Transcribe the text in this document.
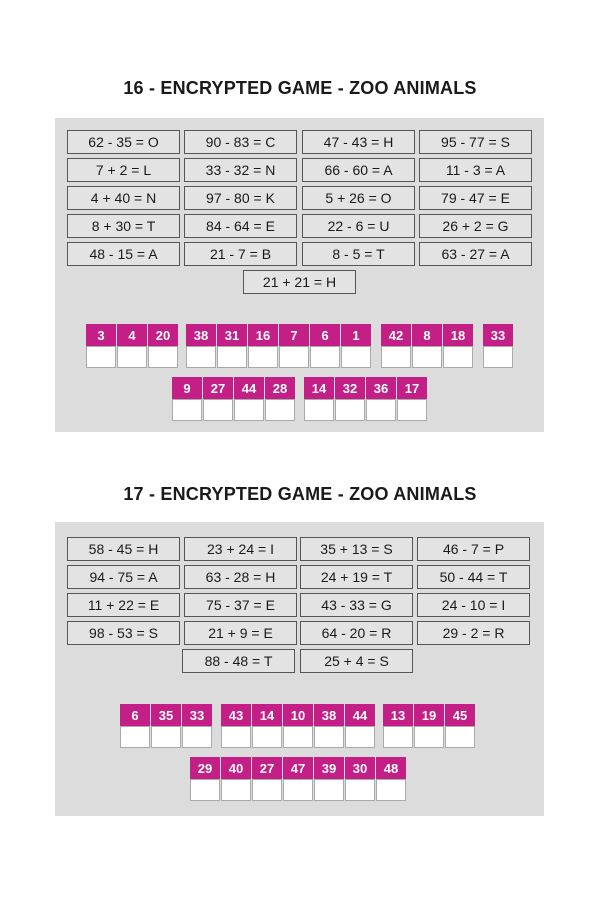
16 - ENCRYPTED GAME - ZOO ANIMALS
62 - 35 = O	90 - 83 = C	47 - 43 = H	95 - 77 = S
7 + 2 = L	33 - 32 = N	66 - 60 = A	11 - 3 = A
4 + 40 = N	97 - 80 = K	5 + 26 = O	79 - 47 = E
8 + 30 = T	84 - 64 = E	22 - 6 = U	26 + 2 = G
48 - 15 = A	21 - 7 = B	8 - 5 = T	63 - 27 = A
21 + 21 = H
3	4	20	38	31	16	7	6	1	42	8	18	33
9	27	44	28	14	32	36	17
17 - ENCRYPTED GAME - ZOO ANIMALS
58 - 45 = H	23 + 24 = I	35 + 13 = S	46 - 7 = P
94 - 75 = A	63 - 28 = H	24 + 19 = T	50 - 44 = T
11 + 22 = E	75 - 37 = E	43 - 33 = G	24 - 10 = I
98 - 53 = S	21 + 9 = E	64 - 20 = R	29 - 2 = R
88 - 48 = T	25 + 4 = S
6	35	33	43	14	10	38	44	13	19	45
29	40	27	47	39	30	48
